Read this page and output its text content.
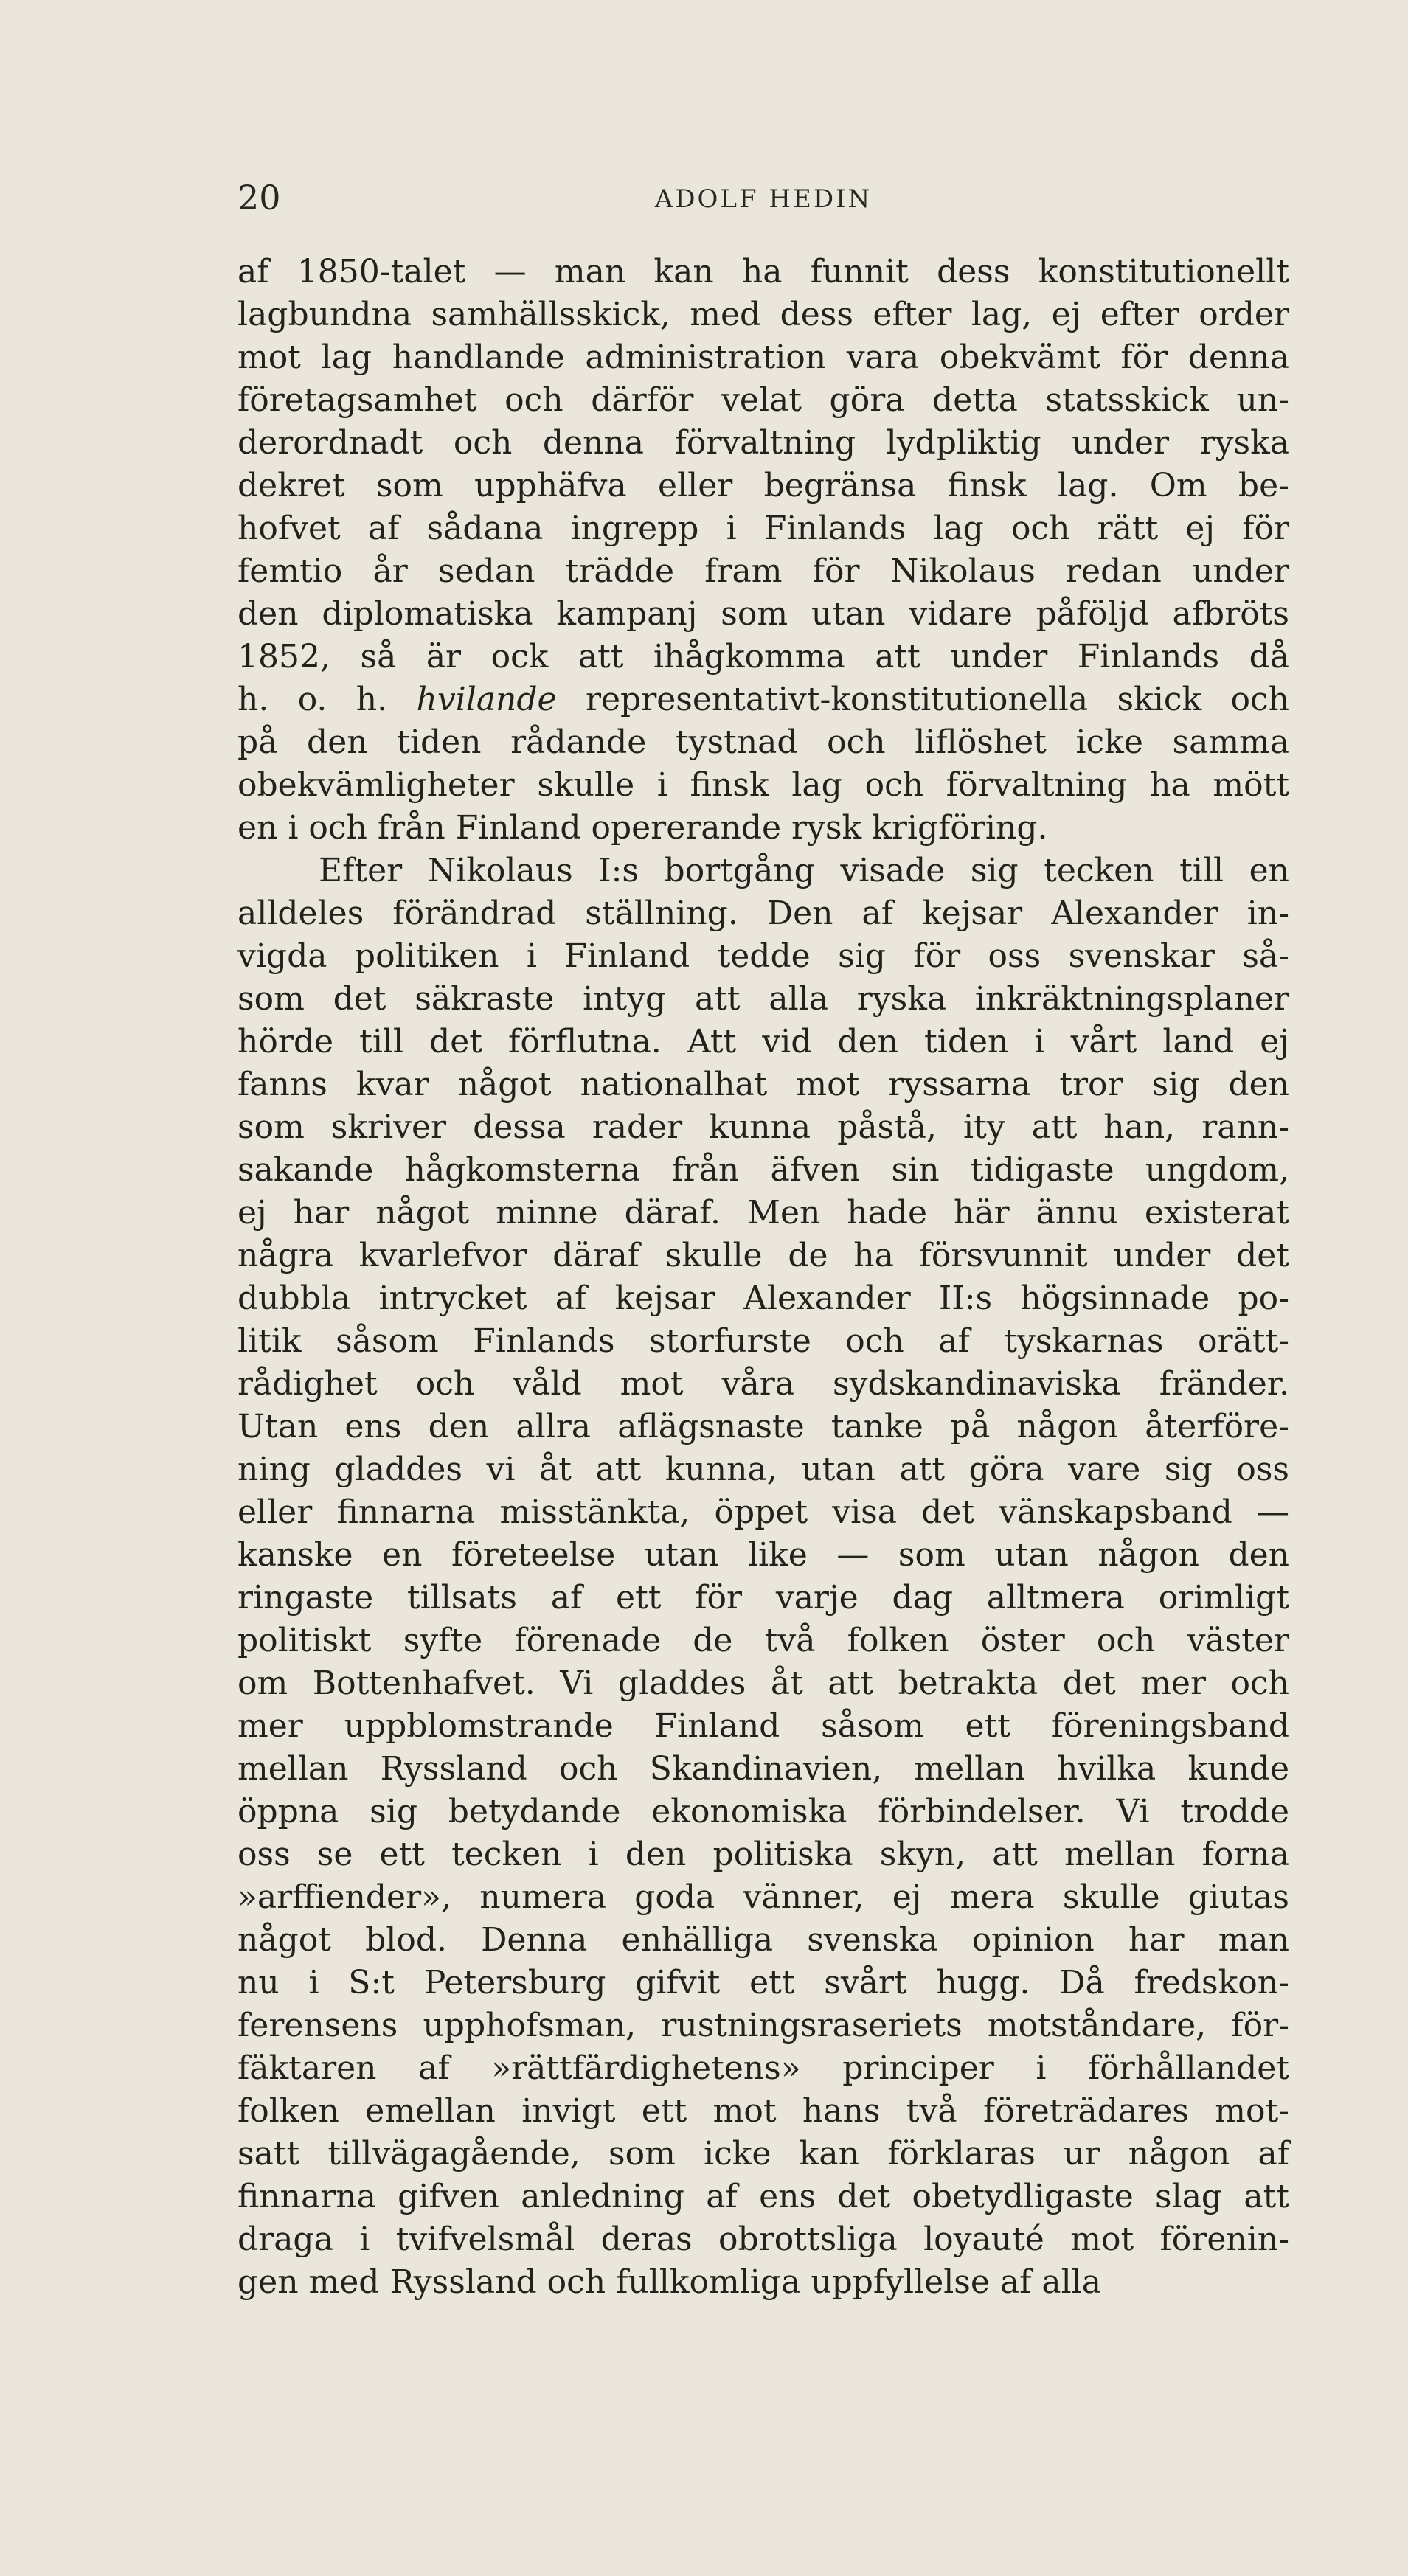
20	ADOLF HEDIN
af 1850-talet — man kan ha funnit dess konstitutionellt
lagbundna samhällsskick, med dess efter lag, ej efter order
mot lag handlande administration vara obekvämt för denna
företagsamhet och därför velat göra detta statsskick un-
derordnadt och denna förvaltning lydpliktig under ryska
dekret som upphäfva eller begränsa finsk lag. Om be-
hofvet af sådana ingrepp i Finlands lag och rätt ej för
femtio år sedan trädde fram för Nikolaus redan under
den diplomatiska kampanj som utan vidare påföljd afbröts
1852, så är ock att ihågkomma att under Finlands då
h. o. h. hvilande representativt-konstitutionella skick och
på den tiden rådande tystnad och liflöshet icke samma
obekvämligheter skulle i finsk lag och förvaltning ha mött
en i och från Finland opererande rysk krigföring.
Efter Nikolaus I:s bortgång visade sig tecken till en
alldeles förändrad ställning. Den af kejsar Alexander in-
vigda politiken i Finland tedde sig för oss svenskar så-
som det säkraste intyg att alla ryska inkräktningsplaner
hörde till det förflutna. Att vid den tiden i vårt land ej
fanns kvar något nationalhat mot ryssarna tror sig den
som skriver dessa rader kunna påstå, ity att han, rann-
sakande hågkomsterna från äfven sin tidigaste ungdom,
ej har något minne däraf. Men hade här ännu existerat
några kvarlefvor däraf skulle de ha försvunnit under det
dubbla intrycket af kejsar Alexander II:s högsinnade po-
litik såsom Finlands storfurste och af tyskarnas orätt-
rådighet och våld mot våra sydskandinaviska fränder.
Utan ens den allra aflägsnaste tanke på någon återföre-
ning gladdes vi åt att kunna, utan att göra vare sig oss
eller finnarna misstänkta, öppet visa det vänskapsband —
kanske en företeelse utan like — som utan någon den
ringaste tillsats af ett för varje dag alltmera orimligt
politiskt syfte förenade de två folken öster och väster
om Bottenhafvet. Vi gladdes åt att betrakta det mer och
mer uppblomstrande Finland såsom ett föreningsband
mellan Ryssland och Skandinavien, mellan hvilka kunde
öppna sig betydande ekonomiska förbindelser. Vi trodde
oss se ett tecken i den politiska skyn, att mellan forna
»arffiender», numera goda vänner, ej mera skulle giutas
något blod. Denna enhälliga svenska opinion har man
nu i S:t Petersburg gifvit ett svårt hugg. Då fredskon-
ferensens upphofsman, rustningsraseriets motståndare, för-
fäktaren af »rättfärdighetens» principer i förhållandet
folken emellan invigt ett mot hans två företrädares mot-
satt tillvägagående, som icke kan förklaras ur någon af
finnarna gifven anledning af ens det obetydligaste slag att
draga i tvifvelsmål deras obrottsliga loyauté mot förenin-
gen med Ryssland och fullkomliga uppfyllelse af alla
